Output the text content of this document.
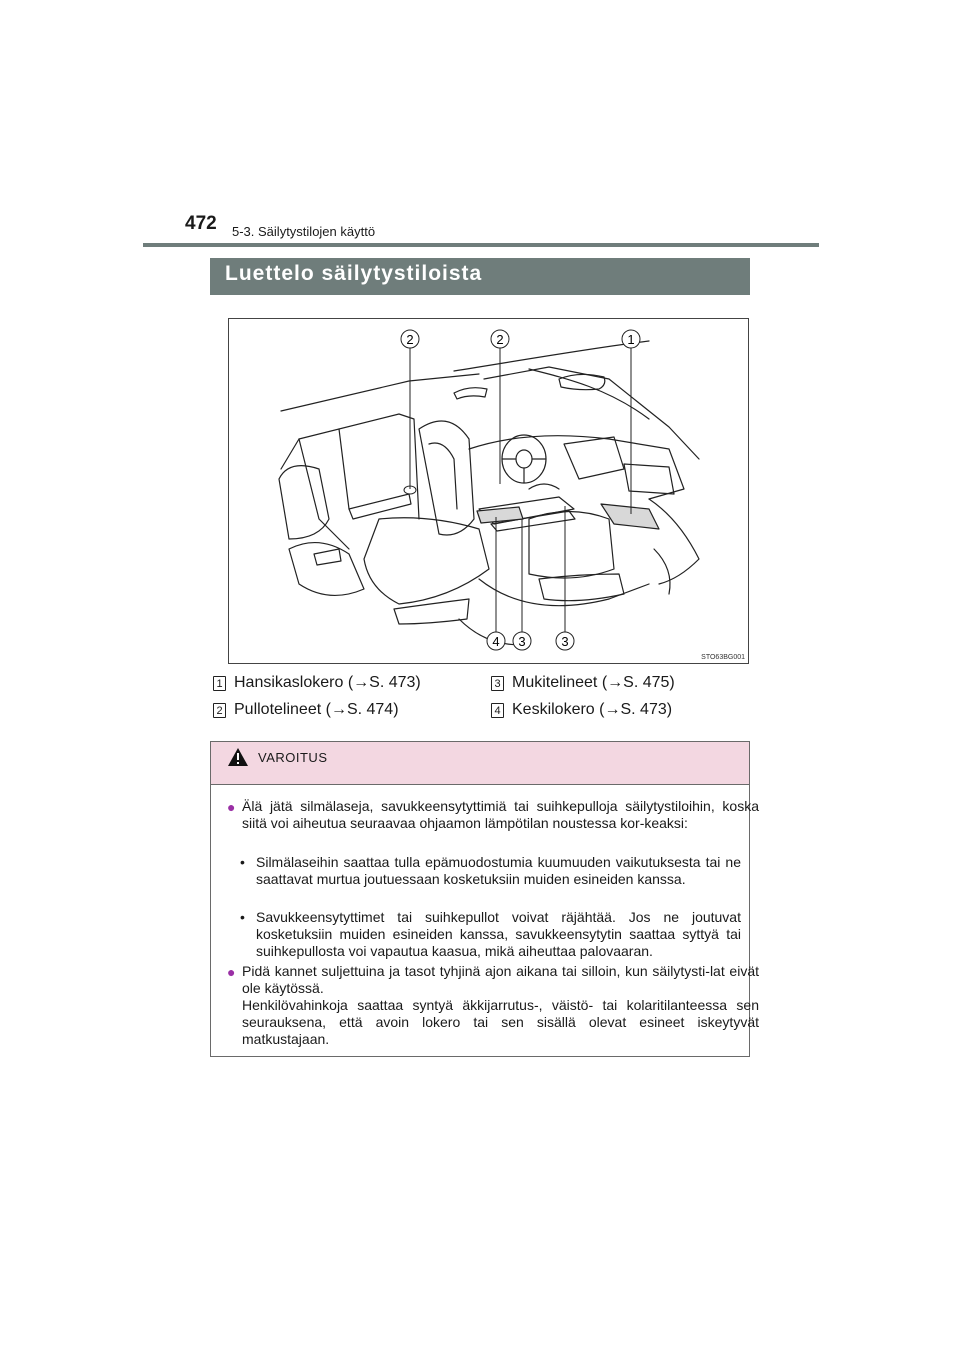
472 5-3. Säilytystilojen käyttö
Luettelo säilytystiloista
2	2	1
4 3	3
STO63BG001
1 Hansikaslokero (→S. 473)
2 Pullotelineet (→S. 474)
3 Mukitelineet (→S. 475)
4 Keskilokero (→S. 473)
VAROITUS
● Älä jätä silmälaseja, savukkeensytyttimiä tai suihkepulloja säilytystiloihin, koska siitä voi aiheutua seuraavaa ohjaamon lämpötilan noustessa kor-keaksi:
• Silmälaseihin saattaa tulla epämuodostumia kuumuuden vaikutuksesta tai ne saattavat murtua joutuessaan kosketuksiin muiden esineiden kanssa.
• Savukkeensytyttimet tai suihkepullot voivat räjähtää. Jos ne joutuvat kosketuksiin muiden esineiden kanssa, savukkeensytytin saattaa syttyä tai suihkepullosta voi vapautua kaasua, mikä aiheuttaa palovaaran.
● Pidä kannet suljettuina ja tasot tyhjinä ajon aikana tai silloin, kun säilytysti-lat eivät ole käytössä.
Henkilövahinkoja saattaa syntyä äkkijarrutus-, väistö- tai kolaritilanteessa sen seurauksena, että avoin lokero tai sen sisällä olevat esineet iskeytyvät matkustajaan.
